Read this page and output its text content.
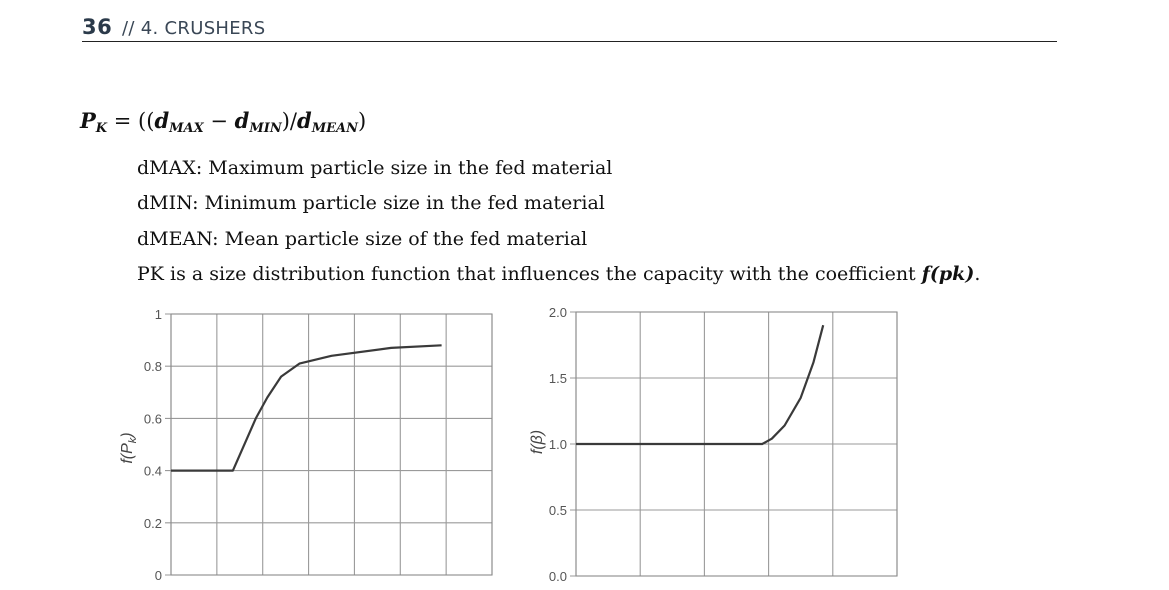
36 // 4. CRUSHERS
$P_K = ((d_{MAX} - d_{MIN})/d_{MEAN})$
dMAX: Maximum particle size in the fed material
dMIN: Minimum particle size in the fed material
dMEAN: Mean particle size of the fed material
PK is a size distribution function that influences the capacity with the coefficient f(pk).
1
0.8
0.6
0.4
0.2
0
$f(P_k)$
2.0
1.5
1.0
0.5
0.0
f(β)
